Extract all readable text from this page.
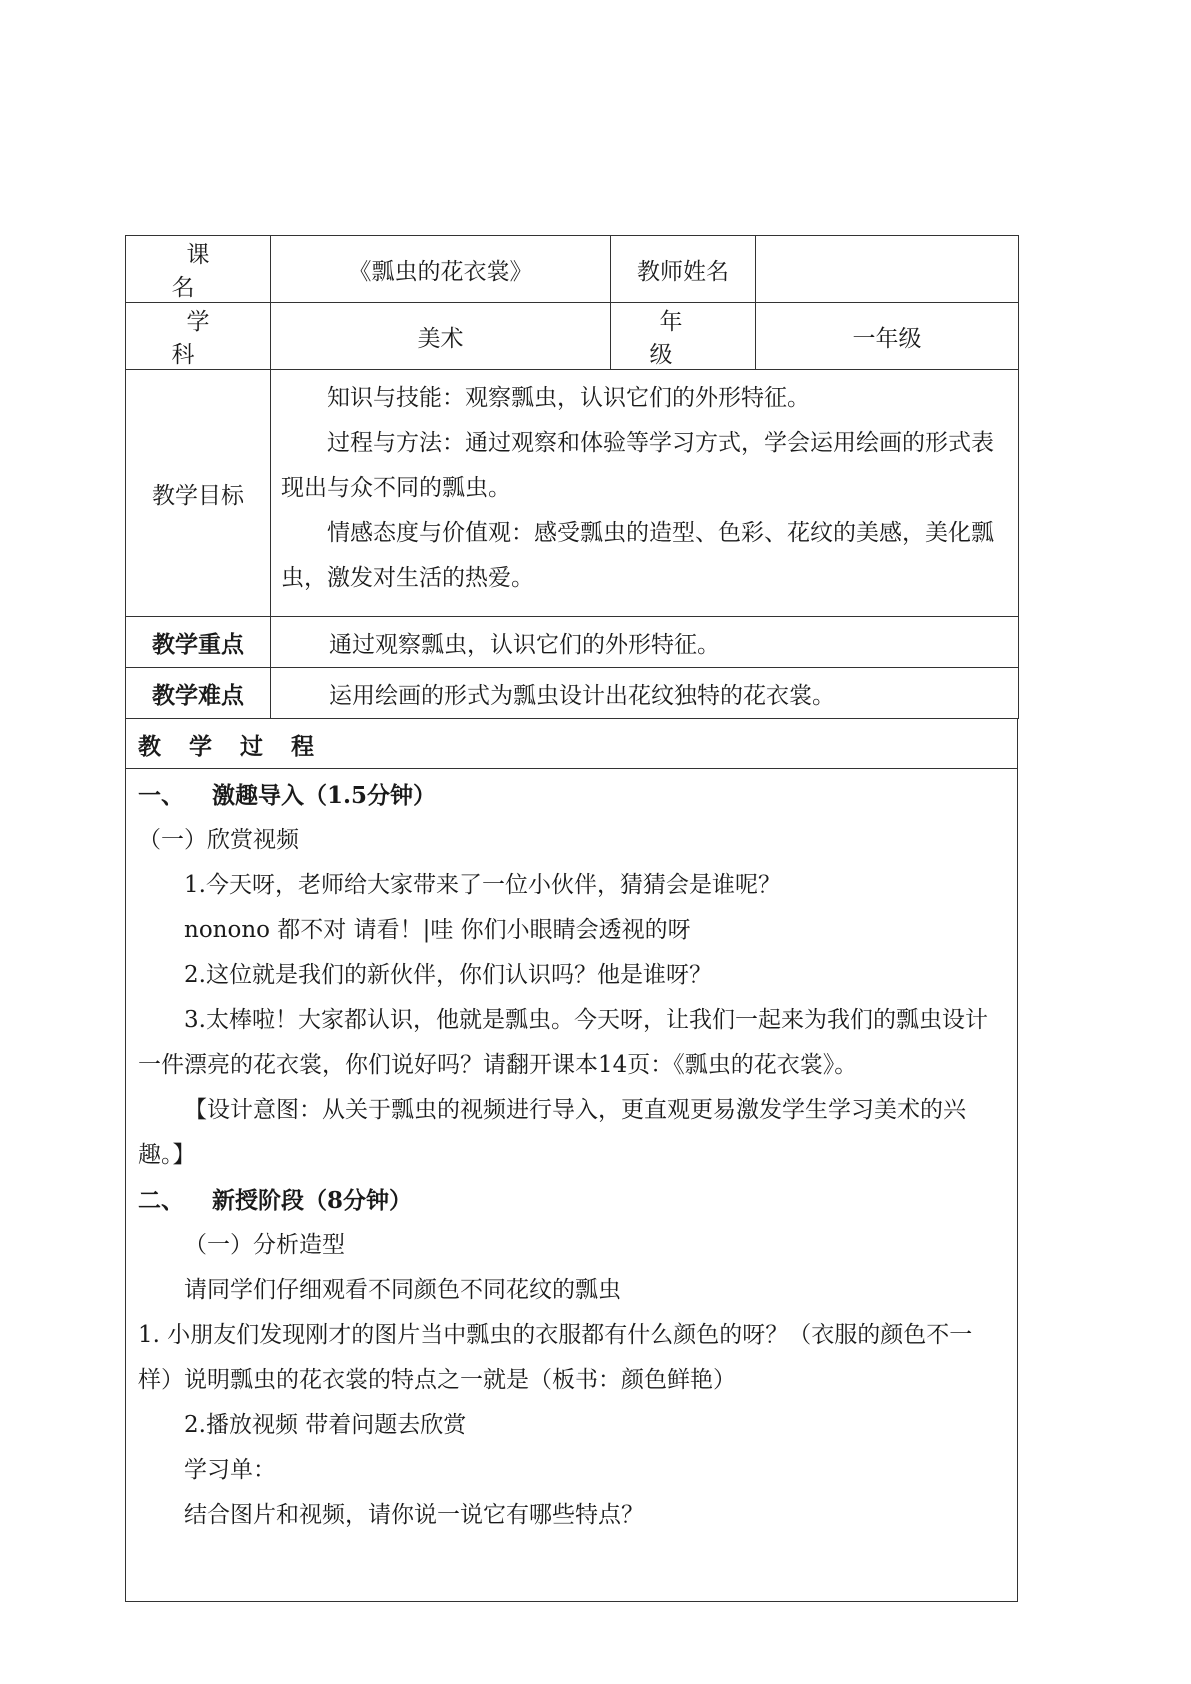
课 名	《瓢虫的花衣裳》	教师姓名	
学 科	美术	年 级	一年级
教学目标	知识与技能：观察瓢虫，认识它们的外形特征。

过程与方法：通过观察和体验等学习方式，学会运用绘画的形式表现出与众不同的瓢虫。

情感态度与价值观：感受瓢虫的造型、色彩、花纹的美感，美化瓢虫，激发对生活的热爱。		

教学重点	通过观察瓢虫，认识它们的外形特征。		
教学难点	运用绘画的形式为瓢虫设计出花纹独特的花衣裳。		
教 学 过 程

一、 激趣导入（1.5分钟）

（一）欣赏视频

1.今天呀，老师给大家带来了一位小伙伴，猜猜会是谁呢？

nonono 都不对 请看！|哇 你们小眼睛会透视的呀

2.这位就是我们的新伙伴，你们认识吗？他是谁呀？

3.太棒啦！大家都认识，他就是瓢虫。今天呀，让我们一起来为我们的瓢虫设计一件漂亮的花衣裳，你们说好吗？请翻开课本14页：《瓢虫的花衣裳》。

【设计意图：从关于瓢虫的视频进行导入，更直观更易激发学生学习美术的兴趣。】

二、 新授阶段（8分钟）

（一）分析造型

请同学们仔细观看不同颜色不同花纹的瓢虫

1. 小朋友们发现刚才的图片当中瓢虫的衣服都有什么颜色的呀？（衣服的颜色不一样）说明瓢虫的花衣裳的特点之一就是（板书：颜色鲜艳）

2.播放视频 带着问题去欣赏

学习单：

结合图片和视频，请你说一说它有哪些特点？
